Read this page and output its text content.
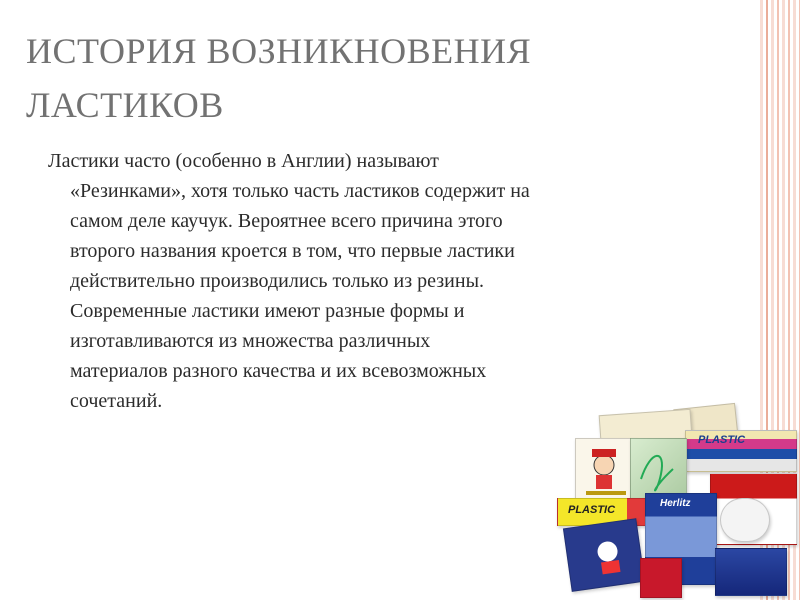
ИСТОРИЯ ВОЗНИКНОВЕНИЯ
ЛАСТИКОВ

Ластики часто (особенно в Англии) называют
«Резинками», хотя только часть ластиков содержит на
самом деле каучук. Вероятнее всего причина этого
второго названия кроется в том, что первые ластики
действительно производились только из резины.
Современные ластики имеют разные формы и
изготавливаются из множества различных
материалов разного качества и их всевозможных
сочетаний.

PLASTIC
PLASTIC
Herlitz
